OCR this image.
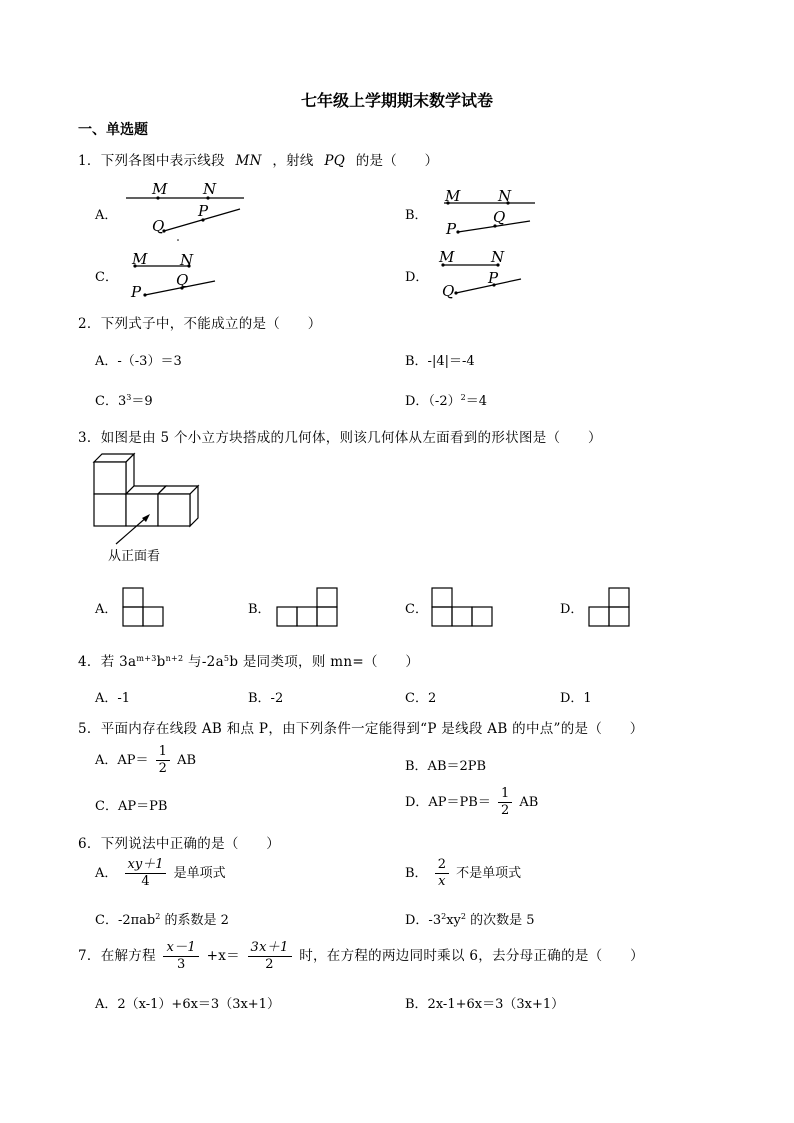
七年级上学期期末数学试卷
一、单选题
1．下列各图中表示线段 MN ，射线 PQ 的是（　　）
A．
M N
Q
P	B．
M	N
P
Q
C．
M N
P
Q	D．
M N
Q
P
2．下列式子中，不能成立的是（　　）
A．-（-3）＝3	B．-|4|＝-4
C．$3^3=9$	D．$(-2)^2=4$
3．如图是由 5 个小立方块搭成的几何体，则该几何体从左面看到的形状图是（　　）
从正面看
A．	B．	C．	D．
4．若 $3a^{m+3}b^{n+2}$ 与$-2a^5b$ 是同类项，则 mn=（　　）
A．-1	B．-2	C．2	D．1
5．平面内存在线段 AB 和点 P，由下列条件一定能得到“P 是线段 AB 的中点”的是（　　）
A．$AP= \frac{1}{2}$ AB	B．AB＝2PB
C．AP＝PB	D．$AP=PB= \frac{1}{2}$ AB
6．下列说法中正确的是（　　）
A． $\frac{xy+1}{4}$ 是单项式	B． $\frac{2}{x}$ 不是单项式
C．-2πab$^2$ 的系数是 2	D．$-3^2xy^2$ 的次数是 5
7．在解方程 $\frac{x-1}{3} +x= \frac{3x+1}{2}$ 时，在方程的两边同时乘以 6，去分母正确的是（　　）
A．2（x-1）+6x＝3（3x+1）	B．2x-1+6x＝3（3x+1）
